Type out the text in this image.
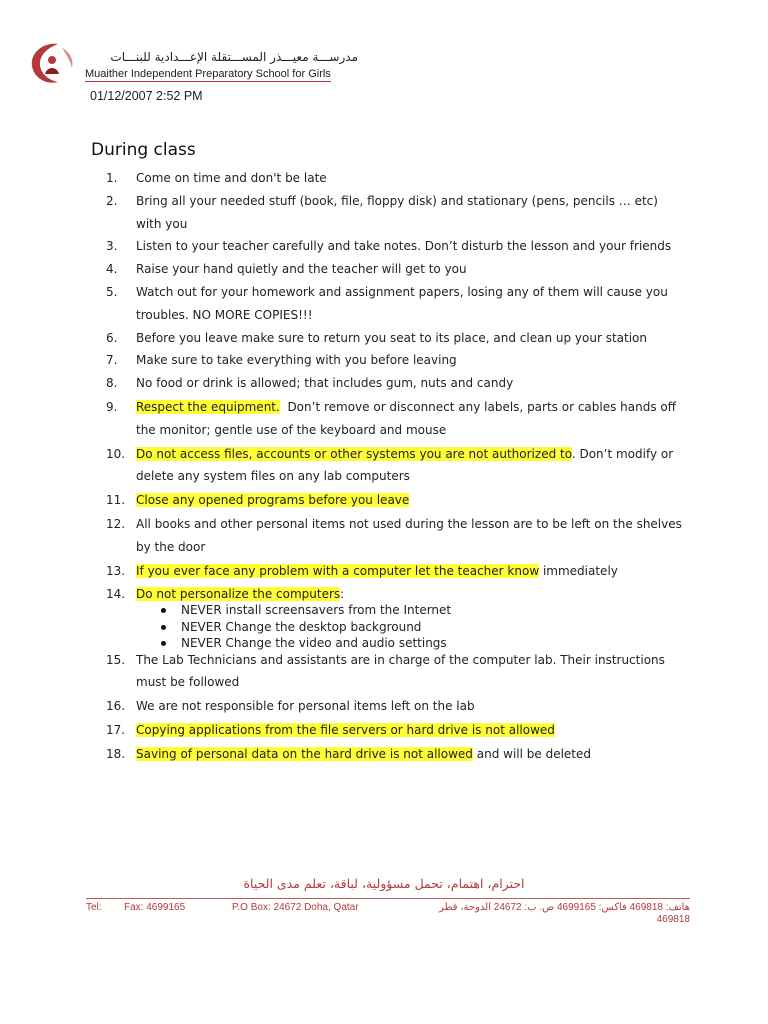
مدرســـة معيـــذر المســـتقلة الإعـــدادية للبنـــات
Muaither Independent Preparatory School for Girls
01/12/2007 2:52 PM
During class
1.	Come on time and don't be late
2.	Bring all your needed stuff (book, file, floppy disk) and stationary (pens, pencils … etc) with you
3.	Listen to your teacher carefully and take notes. Don’t disturb the lesson and your friends
4.	Raise your hand quietly and the teacher will get to you
5.	Watch out for your homework and assignment papers, losing any of them will cause you troubles. NO MORE COPIES!!!
6.	Before you leave make sure to return you seat to its place, and clean up your station
7.	Make sure to take everything with you before leaving
8.	No food or drink is allowed; that includes gum, nuts and candy
9.	Respect the equipment.  Don’t remove or disconnect any labels, parts or cables hands off the monitor; gentle use of the keyboard and mouse
10. Do not access files, accounts or other systems you are not authorized to. Don’t modify or delete any system files on any lab computers
11. Close any opened programs before you leave
12. All books and other personal items not used during the lesson are to be left on the shelves by the door
13. If you ever face any problem with a computer let the teacher know immediately
14. Do not personalize the computers:
NEVER install screensavers from the Internet
NEVER Change the desktop background
NEVER Change the video and audio settings
15. The Lab Technicians and assistants are in charge of the computer lab. Their instructions must be followed
16. We are not responsible for personal items left on the lab
17. Copying applications from the file servers or hard drive is not allowed
18. Saving of personal data on the hard drive is not allowed and will be deleted
احترام، اهتمام، تحمل مسؤولية، لباقة، تعلم مدى الحياة
Tel: Fax: 4699165	P.O Box: 24672 Doha, Qatar	هاتف: 469818 فاكس: 4699165 ص. ب: 24672 الدوحة، قطر
469818
